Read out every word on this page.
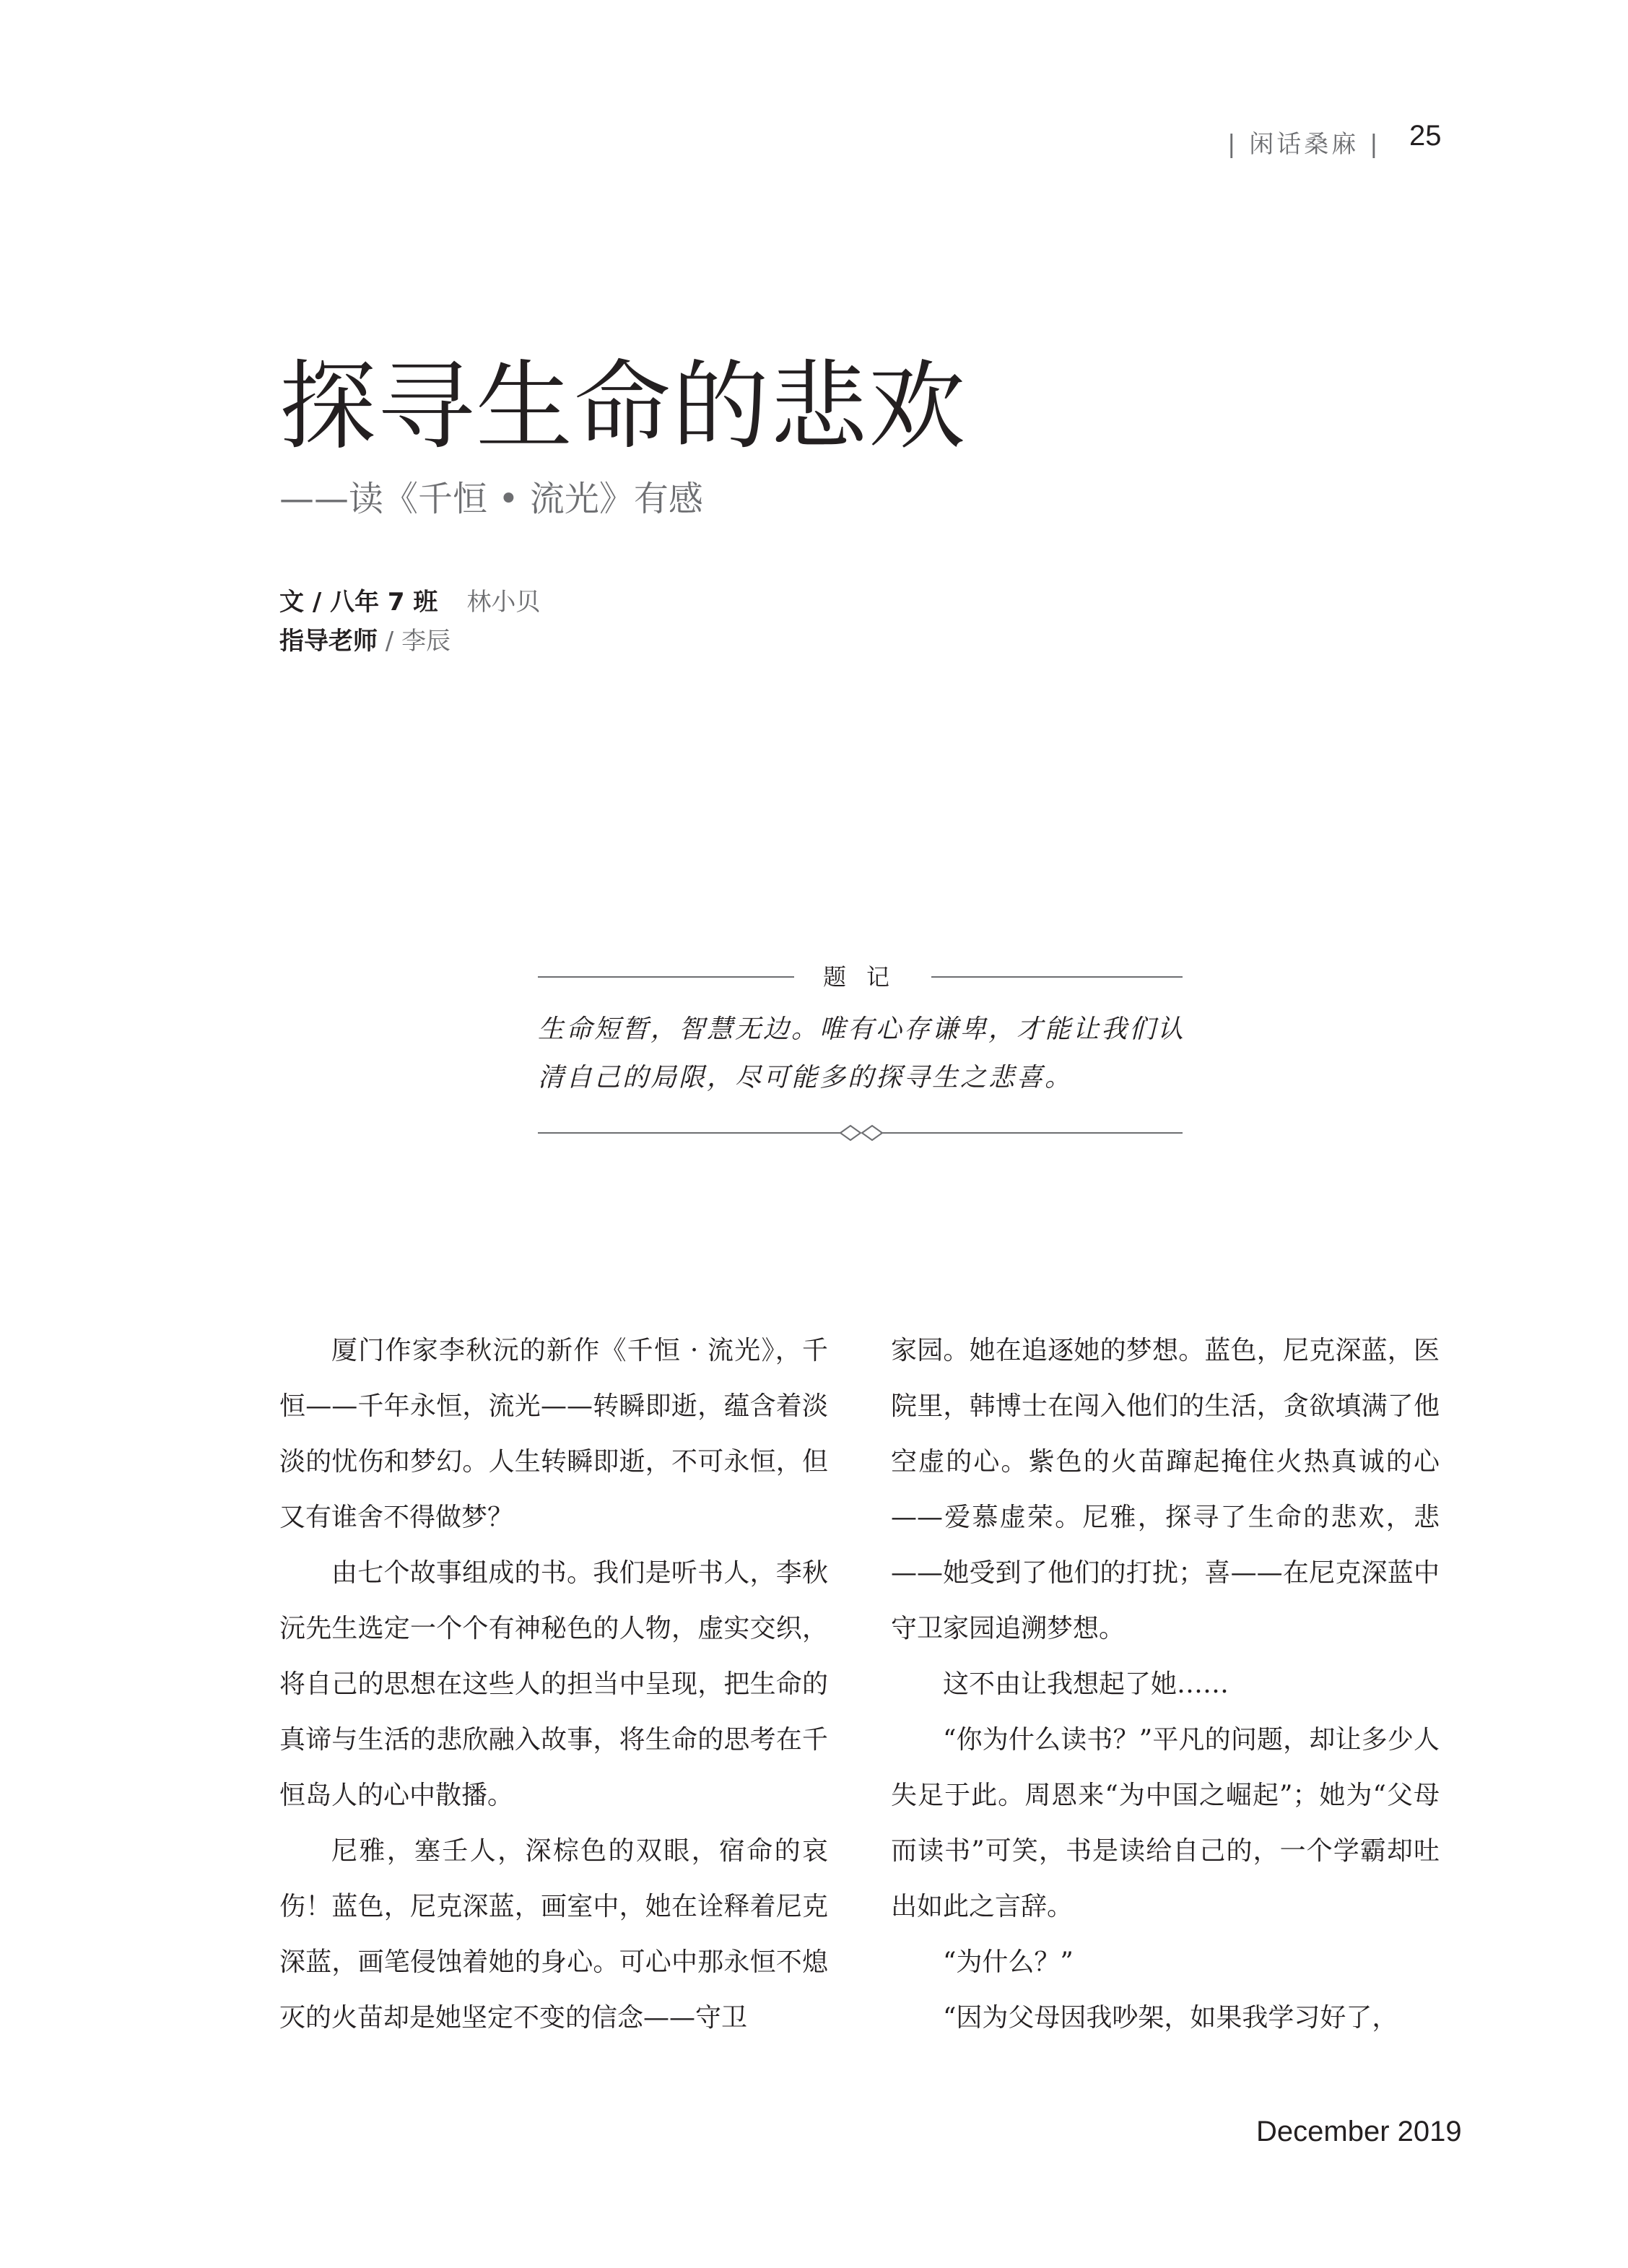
| 闲话桑麻 | 25
探寻生命的悲欢
——读《千恒 • 流光》有感
文 / 八年 7 班 林小贝
指导老师 / 李辰
题记
生命短暂，智慧无边。唯有心存谦卑，才能让我们认清自己的局限，尽可能多的探寻生之悲喜。

厦门作家李秋沅的新作《千恒 · 流光》，千恒——千年永恒，流光——转瞬即逝，蕴含着淡淡的忧伤和梦幻。人生转瞬即逝，不可永恒，但又有谁舍不得做梦？

由七个故事组成的书。我们是听书人，李秋沅先生选定一个个有神秘色的人物，虚实交织，将自己的思想在这些人的担当中呈现，把生命的真谛与生活的悲欣融入故事，将生命的思考在千恒岛人的心中散播。

尼雅，塞壬人，深棕色的双眼，宿命的哀伤！蓝色，尼克深蓝，画室中，她在诠释着尼克深蓝，画笔侵蚀着她的身心。可心中那永恒不熄灭的火苗却是她坚定不变的信念——守卫

家园。她在追逐她的梦想。蓝色，尼克深蓝，医院里，韩博士在闯入他们的生活，贪欲填满了他空虚的心。紫色的火苗蹿起掩住火热真诚的心——爱慕虚荣。尼雅，探寻了生命的悲欢，悲——她受到了他们的打扰；喜——在尼克深蓝中守卫家园追溯梦想。

这不由让我想起了她……

“你为什么读书？”平凡的问题，却让多少人失足于此。周恩来“为中国之崛起”；她为“父母而读书”可笑，书是读给自己的，一个学霸却吐出如此之言辞。

“为什么？”

“因为父母因我吵架，如果我学习好了，

December 2019
